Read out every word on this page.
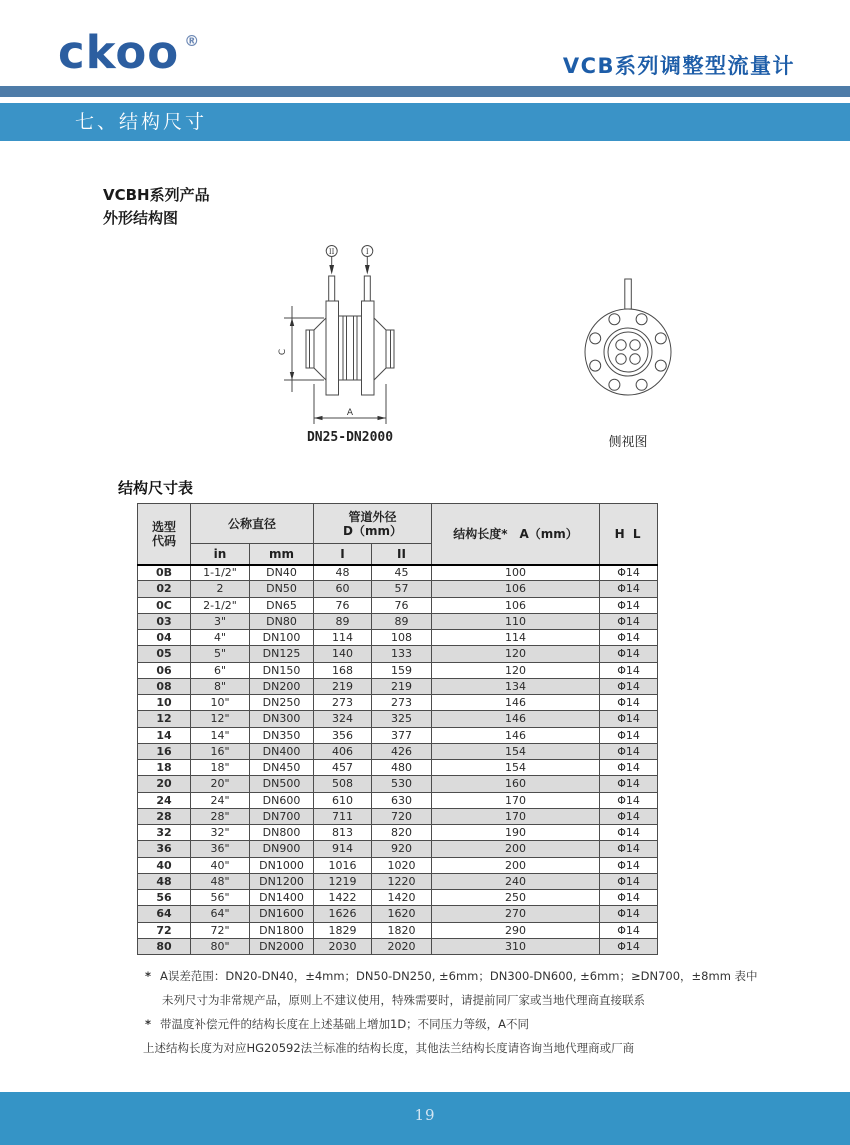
ckoo ®
VCB系列调整型流量计
七、结构尺寸
VCBH系列产品
外形结构图
II	I
C
A
DN25-DN2000	侧视图
结构尺寸表
选型
代码	公称直径		管道外径
D（mm）		结构长度*　A（mm）	H L
	in	mm	I	II		
0B	1-1/2"	DN40	48	45	100	Φ14
02	2	DN50	60	57	106	Φ14
0C	2-1/2"	DN65	76	76	106	Φ14
03	3"	DN80	89	89	110	Φ14
04	4"	DN100	114	108	114	Φ14
05	5"	DN125	140	133	120	Φ14
06	6"	DN150	168	159	120	Φ14
08	8"	DN200	219	219	134	Φ14
10	10"	DN250	273	273	146	Φ14
12	12"	DN300	324	325	146	Φ14
14	14"	DN350	356	377	146	Φ14
16	16"	DN400	406	426	154	Φ14
18	18"	DN450	457	480	154	Φ14
20	20"	DN500	508	530	160	Φ14
24	24"	DN600	610	630	170	Φ14
28	28"	DN700	711	720	170	Φ14
32	32"	DN800	813	820	190	Φ14
36	36"	DN900	914	920	200	Φ14
40	40"	DN1000	1016	1020	200	Φ14
48	48"	DN1200	1219	1220	240	Φ14
56	56"	DN1400	1422	1420	250	Φ14
64	64"	DN1600	1626	1620	270	Φ14
72	72"	DN1800	1829	1820	290	Φ14
80	80"	DN2000	2030	2020	310	Φ14
* A误差范围：DN20-DN40，±4mm；DN50-DN250, ±6mm；DN300-DN600, ±6mm；≥DN700，±8mm 表中
未列尺寸为非常规产品，原则上不建议使用，特殊需要时，请提前同厂家或当地代理商直接联系
* 带温度补偿元件的结构长度在上述基础上增加1D；不同压力等级，A不同
上述结构长度为对应HG20592法兰标准的结构长度，其他法兰结构长度请咨询当地代理商或厂商
19
